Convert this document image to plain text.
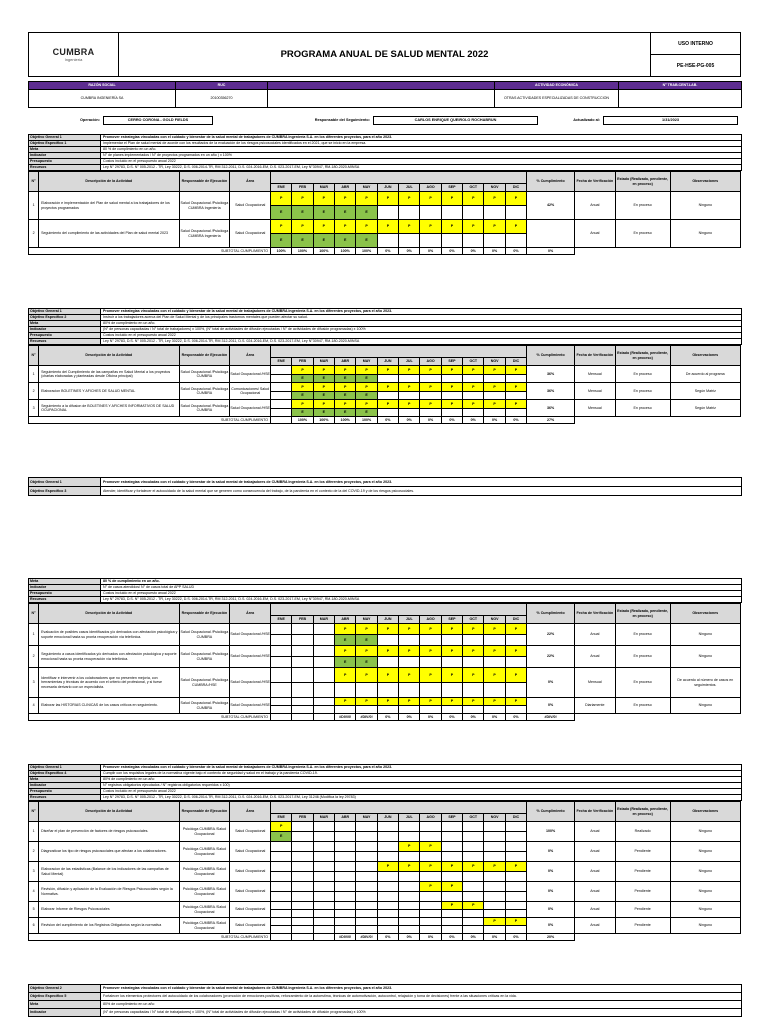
CUMBRA
Ingeniería	PROGRAMA ANUAL DE SALUD MENTAL 2022
USO INTERNO
PE-HSE-PG-005
RAZÓN SOCIAL	RUC		ACTIVIDAD ECONÓMICA	Nº TRAB.CENT.LAB.
CUMBRA INGENIERÍA SA	20100356270		OTRAS ACTIVIDADES ESPECIALIZADAS DE CONSTRUCCION	
Operación:	CERRO CORONA - GOLD FIELDS	Responsable del Seguimiento:	CARLOS ENRIQUE QUEIROLO ROCHABRUN	Actualizado al:	1/31/2023
Objetivo General 1	Promover estrategias vinculadas con el cuidado y bienestar de la salud mental de trabajadores de CUMBRA Ingeniería S.A. en los diferentes proyectos, para el año 2023.
Objetivo Específico 1	Implementar el Plan de salud mental de acorde con los resultados de la evaluación de los riesgos psicosociales identificados en el 2021, que se inicio en la empresa.
Meta	80 % de cumplimiento en un año.
Indicador	N° de planes implementados / N° de proyectos programados en un año ) x 100%
Presupuesto	Costos incluido en el presupuesto anual 2022
Recursos	Ley N° 29783, D.S. N° 005-2012 - TR, Ley 30222, D.S. 006-2014-TR, RM 312-2011, D.S. 024-2016-EM, D.S. 023-2017-EM, Ley N°30947, RM-180-2020-MINSA
N°	Descripción de la Actividad	Responsable de Ejecución	Área													% Cumplimiento	Fecha de Verificación	Estado (Realizado, pendiente, en proceso)	Observaciones
				ENE	FEB	MAR	ABR	MAY	JUN	JUL	AGO	SEP	OCT	NOV	DIC				
1	Elaboración e implementación del Plan de salud mental a los trabajadores de los proyectos programados	Salud Ocupacional /Psicóloga CUMBRA Ingeniería	Salud Ocupacional	P	P	P	P	P	P	P	P	P	P	P	P	42%	Anual	En proceso	Ninguno
				E	E	E	E	E											
2	Seguimiento del cumplimiento de las actividades del Plan de salud mental 2023	Salud Ocupacional /Psicóloga CUMBRA Ingeniería	Salud Ocupacional	P	P	P	P	P	P	P	P	P	P	P	P		Anual	En proceso	Ninguno
				E	E	E	E	E											
SUBTOTAL CUMPLIMIENTO				100%	100%	100%	100%	100%	0%	0%	0%	0%	0%	0%	0%	0%			
Objetivo General 1	Promover estrategias vinculadas con el cuidado y bienestar de la salud mental de trabajadores de CUMBRA Ingeniería S.A. en los diferentes proyectos, para el año 2023.
Objetivo Específico 2	Instruir a los trabajadores acerca del Plan de Salud Mental y de los principales trastornos mentales que pueden afectar su salud.
Meta	80% de cumplimiento en un año.
Indicador	(N° de personas capacitadas / N° total de trabajadores) x 100%, (N° total de actividades de difusión ejecutadas / N° de actividades de difusión programadas) x 100%
Presupuesto	Costos incluido en el presupuesto anual 2022
Recursos	Ley N° 29783, D.S. N° 005-2012 - TR, Ley 30222, D.S. 006-2014-TR, RM 312-2011, D.S. 024-2016-EM, D.S. 023-2017-EM, Ley N°30947, RM-180-2020-MINSA
N°	Descripción de la Actividad	Responsable de Ejecución	Área													% Cumplimiento	Fecha de Verificación	Estado (Realizado, pendiente, en proceso)	Observaciones
				ENE	FEB	MAR	ABR	MAY	JUN	JUL	AGO	SEP	OCT	NOV	DIC				
1	Seguimiento del Cumplimiento de las campañas en Salud Mental a los proyectos (charlas elaboradas y planteadas desde Oficina principal)	Salud Ocupacional /Psicóloga CUMBRA	Salud Ocupacional /HSE		P	P	P	P	P	P	P	P	P	P	P	36%	Mensual	En proceso	De acuerdo al programa
					E	E	E	E											
2	Elaboracion BOLETINES Y AFICHES DE SALUD MENTAL	Salud Ocupacional /Psicóloga CUMBRA	Comunicaciones/ Salud Ocupacional		P	P	P	P	P	P	P	P	P	P	P	36%	Mensual	En proceso	Según Matriz
					E	E	E	E											
3	Seguimiento a la difusion de BOLETINES Y AFICHES INFORMATIVOS DE SALUD OCUPACIONAL	Salud Ocupacional /Psicóloga CUMBRA	Salud Ocupacional /HSE		P	P	P	P	P	P	P	P	P	P	P	36%	Mensual	En proceso	Según Matriz
					E	E	E	E											
SUBTOTAL CUMPLIMIENTO					100%	100%	100%	100%	0%	0%	0%	0%	0%	0%	0%	27%			
Objetivo General 1	Promover estrategias vinculadas con el cuidado y bienestar de la salud mental de trabajadores de CUMBRA Ingeniería S.A. en los diferentes proyectos, para el año 2023.
Objetivo Específico 3	Atender, identificar y fortalecer el autocuidado de la salud mental que se generen como consecuencia del trabajo, de la pandemia en el contexto de la del COVID-19 y de los riesgos psicosociales.
Meta	80 % de cumplimiento en un año.
Indicador	N° de casos atendidos/ N° de casos total de APP SALUD
Presupuesto	Costos incluido en el presupuesto anual 2022
Recursos	Ley N° 29783, D.S. N° 005-2012 - TR, Ley 30222, D.S. 006-2014-TR, RM 312-2011, D.S. 024-2016-EM, D.S. 023-2017-EM, Ley N°30947, RM-180-2020-MINSA
N°	Descripción de la Actividad	Responsable de Ejecución	Área													% Cumplimiento	Fecha de Verificación	Estado (Realizado, pendiente, en proceso)	Observaciones
				ENE	FEB	MAR	ABR	MAY	JUN	JUL	AGO	SEP	OCT	NOV	DIC				
1	Evaluación de posibles casos identificados y/o derivados con afectación psicológica y soporte emocional hasta su pronta recuperación vía telefónica.	Salud Ocupacional /Psicóloga CUMBRA	Salud Ocupacional /HSE				P	P	P	P	P	P	P	P	P	22%	Anual	En proceso	Ninguno
							E	E											
2	Seguimiento a casos identificados y/o derivados con afectación psicológica y soporte emocional hasta su pronta recuperación vía telefónica.	Salud Ocupacional /Psicóloga CUMBRA	Salud Ocupacional /HSE				P	P	P	P	P	P	P	P	P	22%	Anual	En proceso	Ninguno
							E	E											
3	Identificar e intervenir a los colaboradores que no presenten mejoría, con herramientas y técnicas de acuerdo con el criterio del profesional, y si fuese necesaria derivarlo con un especialista.	Salud Ocupacional /Psicóloga CUMBRA /HSE	Salud Ocupacional /HSE				P	P	P	P	P	P	P	P	P	0%	Mensual	En proceso	De acuerdo al número de casos en seguimientos.

4	Elaborar las HISTORIAS CLINICAS de los casos críticos en seguimiento.	Salud Ocupacional /Psicóloga CUMBRA	Salud Ocupacional /HSE				P	P	P	P	P	P	P	P	P	0%	Diariamente	En proceso	Ninguno

SUBTOTAL CUMPLIMIENTO							#DIV/0!	#DIV/0!	0%	0%	0%	0%	0%	0%	0%	#DIV/0!			
Objetivo General 1	Promover estrategias vinculadas con el cuidado y bienestar de la salud mental de trabajadores de CUMBRA Ingeniería S.A. en los diferentes proyectos, para el año 2023.
Objetivo Específico 4	Cumplir con los requisitos legales de la normativa vigente bajo el contexto de seguridad y salud en el trabajo y la pandemia COVID-19.
Meta	80% de cumplimiento en un año
Indicador	N° registros obligatorios ejecutados / N° registros obligatorios requeridos x 100)
Presupuesto	Costos incluido en el presupuesto anual 2022
Recursos	Ley N° 29783, D.S. N° 005-2012 - TR, Ley 30222, D.S. 006-2014-TR, RM 312-2011, D.S. 024-2016-EM, D.S. 023-2017-EM, Ley 31246 (Modifica la ley 29783)
N°	Descripción de la Actividad	Responsable de Ejecución	Área													% Cumplimiento	Fecha de Verificación	Estado (Realizado, pendiente, en proceso)	Observaciones
				ENE	FEB	MAR	ABR	MAY	JUN	JUL	AGO	SEP	OCT	NOV	DIC				
1	Diseñar el plan de prevención de factores de riesgos psicosociales.	Psicóloga CUMBRA /Salud Ocupacional	Salud Ocupacional	P												100%	Anual	Realizado	Ninguno
				E															
2	Diagnosticar los tipo de riesgos psicosociales que afectan a los colaboradores.	Psicóloga CUMBRA /Salud Ocupacional	Salud Ocupacional							P	P					0%	Anual	Pendiente	Ninguno

3	Elaboracion de las estadisticas (Balance de los indicadores de las campañas de Salud Mental)	Psicóloga CUMBRA /Salud Ocupacional	Salud Ocupacional						P	P	P	P	P	P	P	0%	Anual	Pendiente	Ninguno

4	Revisión, difusión y aplicación de la Evaluación de Riesgos Psicosociales según la Normativa.	Psicóloga CUMBRA /Salud Ocupacional	Salud Ocupacional								P	P				0%	Anual	Pendiente	Ninguno

5	Elaborar Informe de Riesgos Psicosociales	Psicóloga CUMBRA /Salud Ocupacional	Salud Ocupacional									P	P			0%	Anual	Pendiente	Ninguno

6	Revision del cumplimiento de los Registros Obligatorios según la normativa	Psicóloga CUMBRA /Salud Ocupacional	Salud Ocupacional											P	P	0%	Anual	Pendiente	Ninguno

SUBTOTAL CUMPLIMIENTO							#DIV/0!	#DIV/0!	0%	0%	0%	0%	0%	0%	0%	20%			
Objetivo General 2	Promover estrategias vinculadas con el cuidado y bienestar de la salud mental de trabajadores de CUMBRA Ingeniería S.A. en los diferentes proyectos, para el año 2023.
Objetivo Específico 5	Fortalecer los elementos protectores del autocuidado de los colaboradores (promoción de emociones positivas, reforzamiento de la autoestima, técnicas de automotivación, autocontrol, relajación y toma de decisiones) frente a las situaciones críticas en la vida.
Meta	80% de cumplimiento en un año
Indicador	(N° de personas capacitadas / N° total de trabajadores) x 100%, (N° total de actividades de difusión ejecutadas / N° de actividades de difusión programadas) x 100%
